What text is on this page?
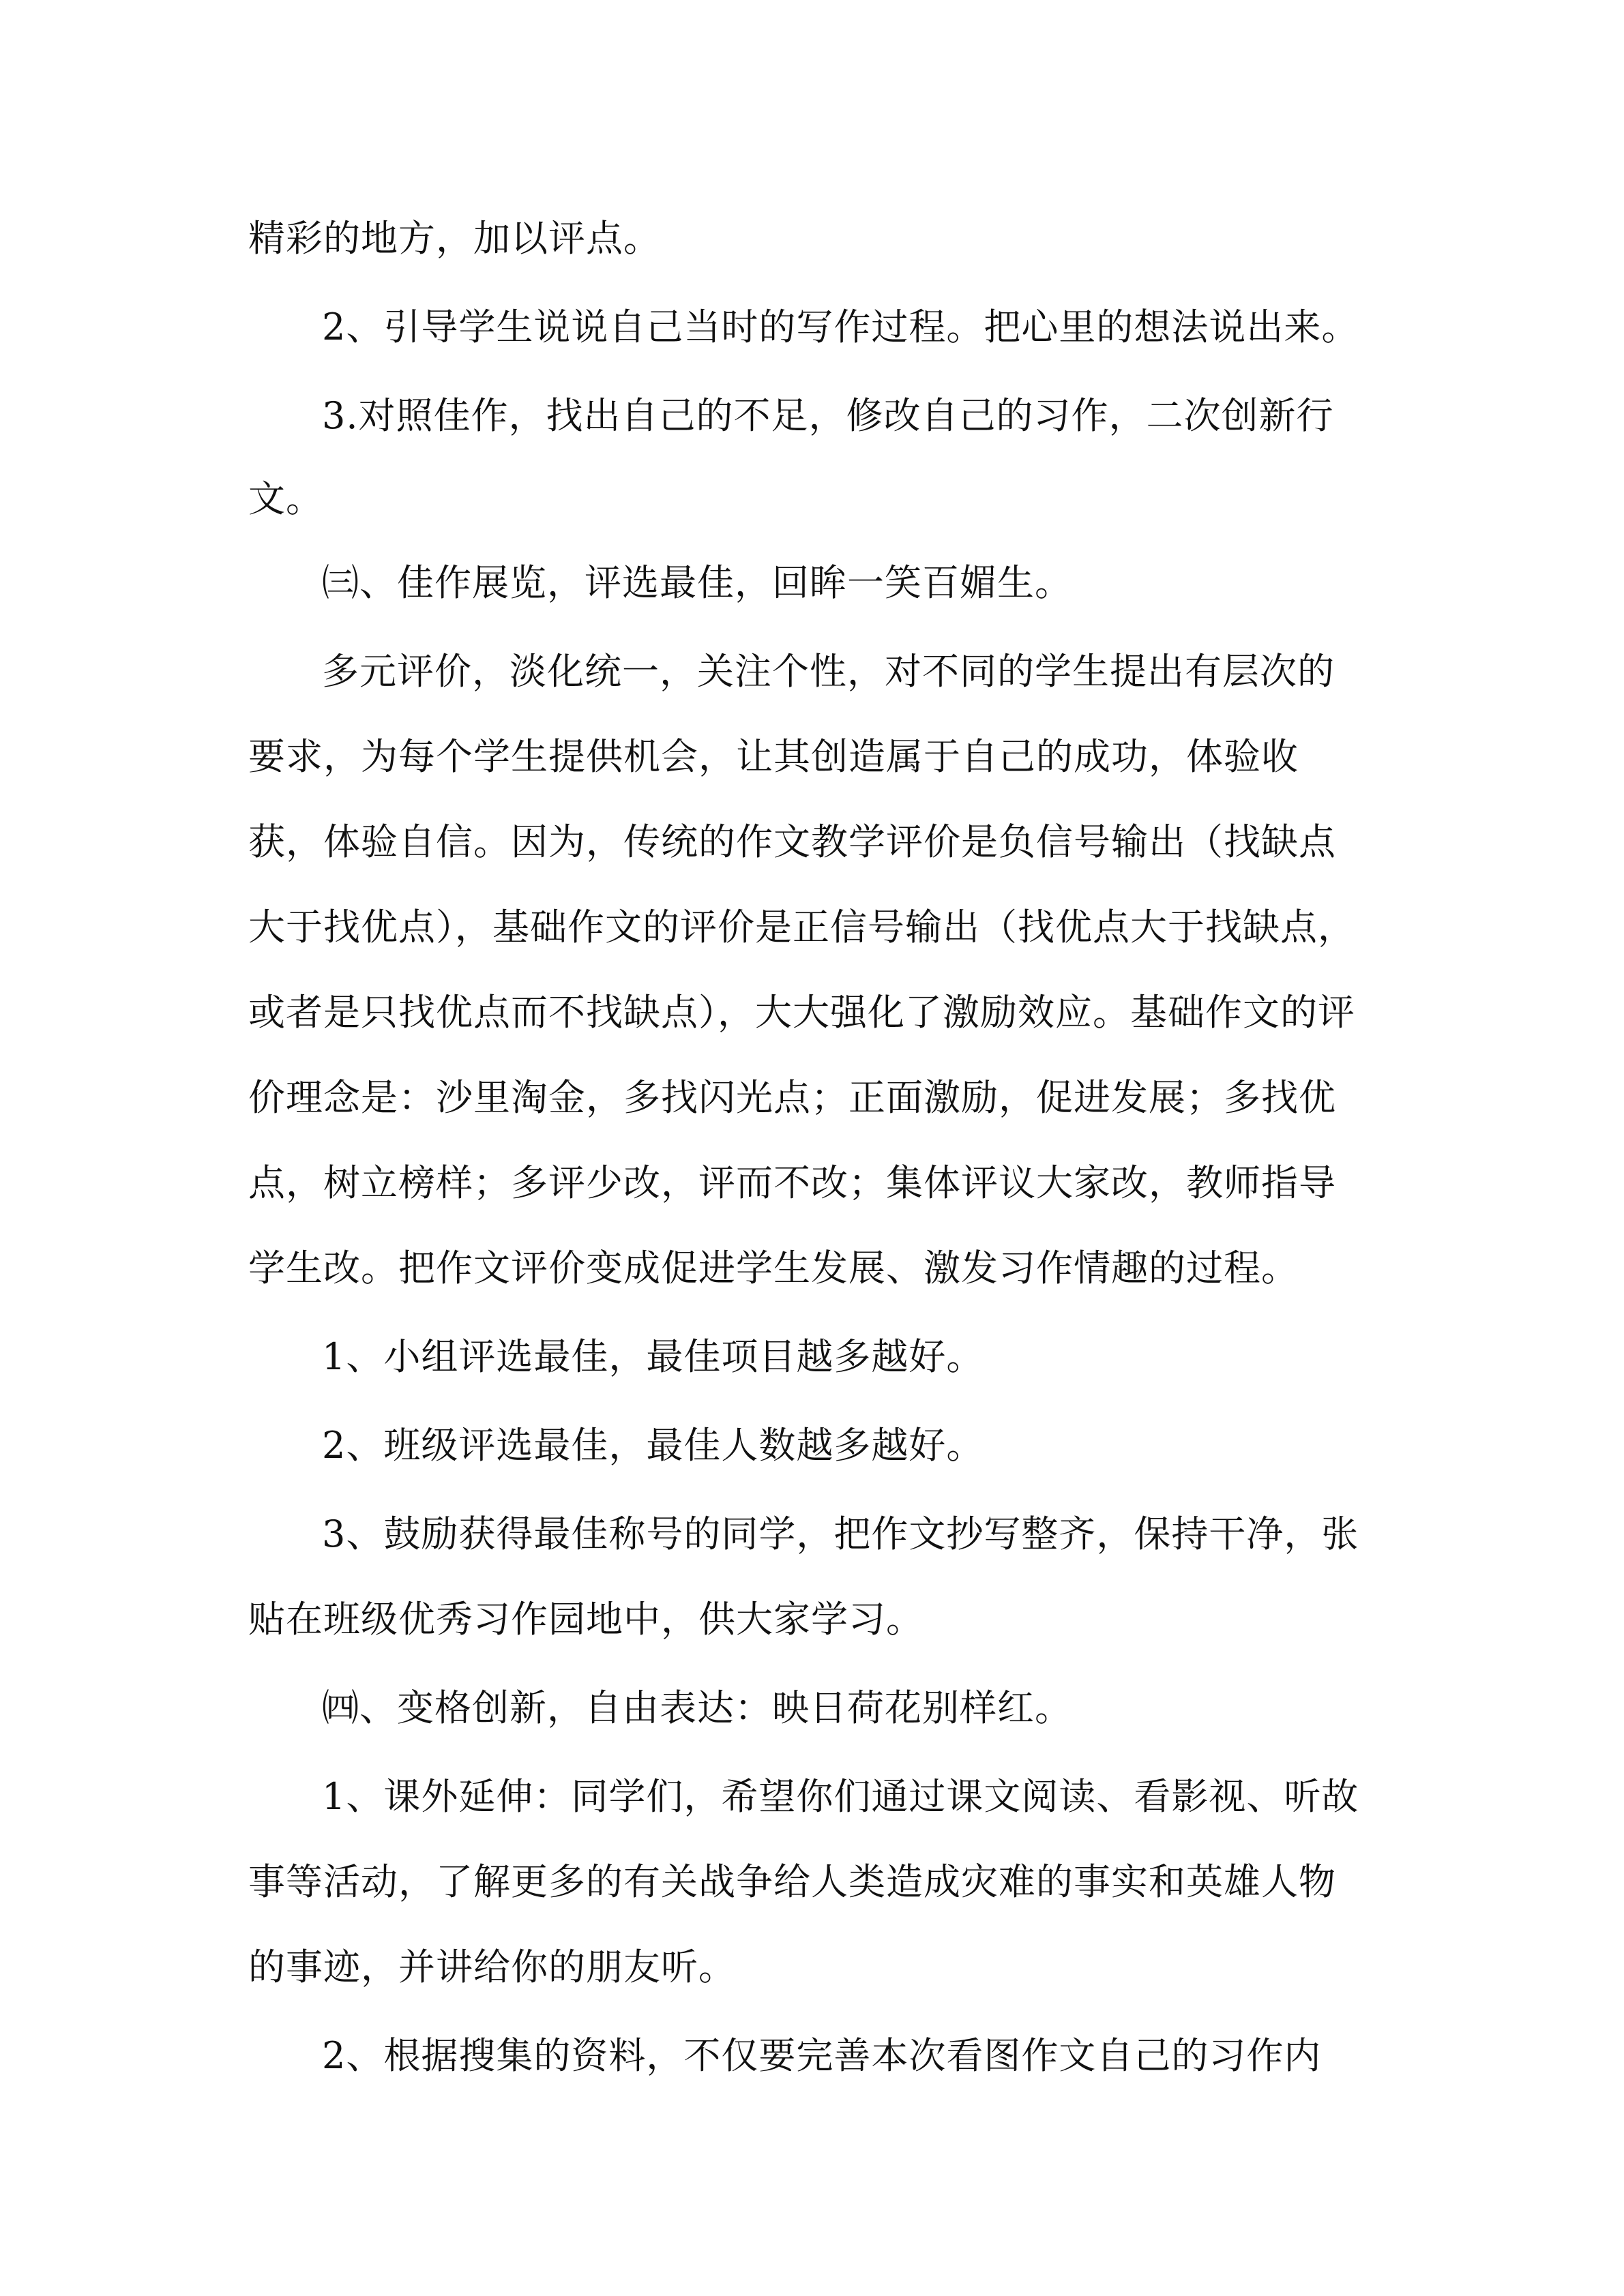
精彩的地方，加以评点。
2、引导学生说说自己当时的写作过程。把心里的想法说出来。
3.对照佳作，找出自己的不足，修改自己的习作，二次创新行
文。
㈢、佳作展览，评选最佳，回眸一笑百媚生。
多元评价，淡化统一，关注个性，对不同的学生提出有层次的
要求，为每个学生提供机会，让其创造属于自己的成功，体验收
获，体验自信。因为，传统的作文教学评价是负信号输出（找缺点
大于找优点），基础作文的评价是正信号输出（找优点大于找缺点，
或者是只找优点而不找缺点），大大强化了激励效应。基础作文的评
价理念是：沙里淘金，多找闪光点；正面激励，促进发展；多找优
点，树立榜样；多评少改，评而不改；集体评议大家改，教师指导
学生改。把作文评价变成促进学生发展、激发习作情趣的过程。
1、小组评选最佳，最佳项目越多越好。
2、班级评选最佳，最佳人数越多越好。
3、鼓励获得最佳称号的同学，把作文抄写整齐，保持干净，张
贴在班级优秀习作园地中，供大家学习。
㈣、变格创新，自由表达：映日荷花别样红。
1、课外延伸：同学们，希望你们通过课文阅读、看影视、听故
事等活动，了解更多的有关战争给人类造成灾难的事实和英雄人物
的事迹，并讲给你的朋友听。
2、根据搜集的资料，不仅要完善本次看图作文自己的习作内
